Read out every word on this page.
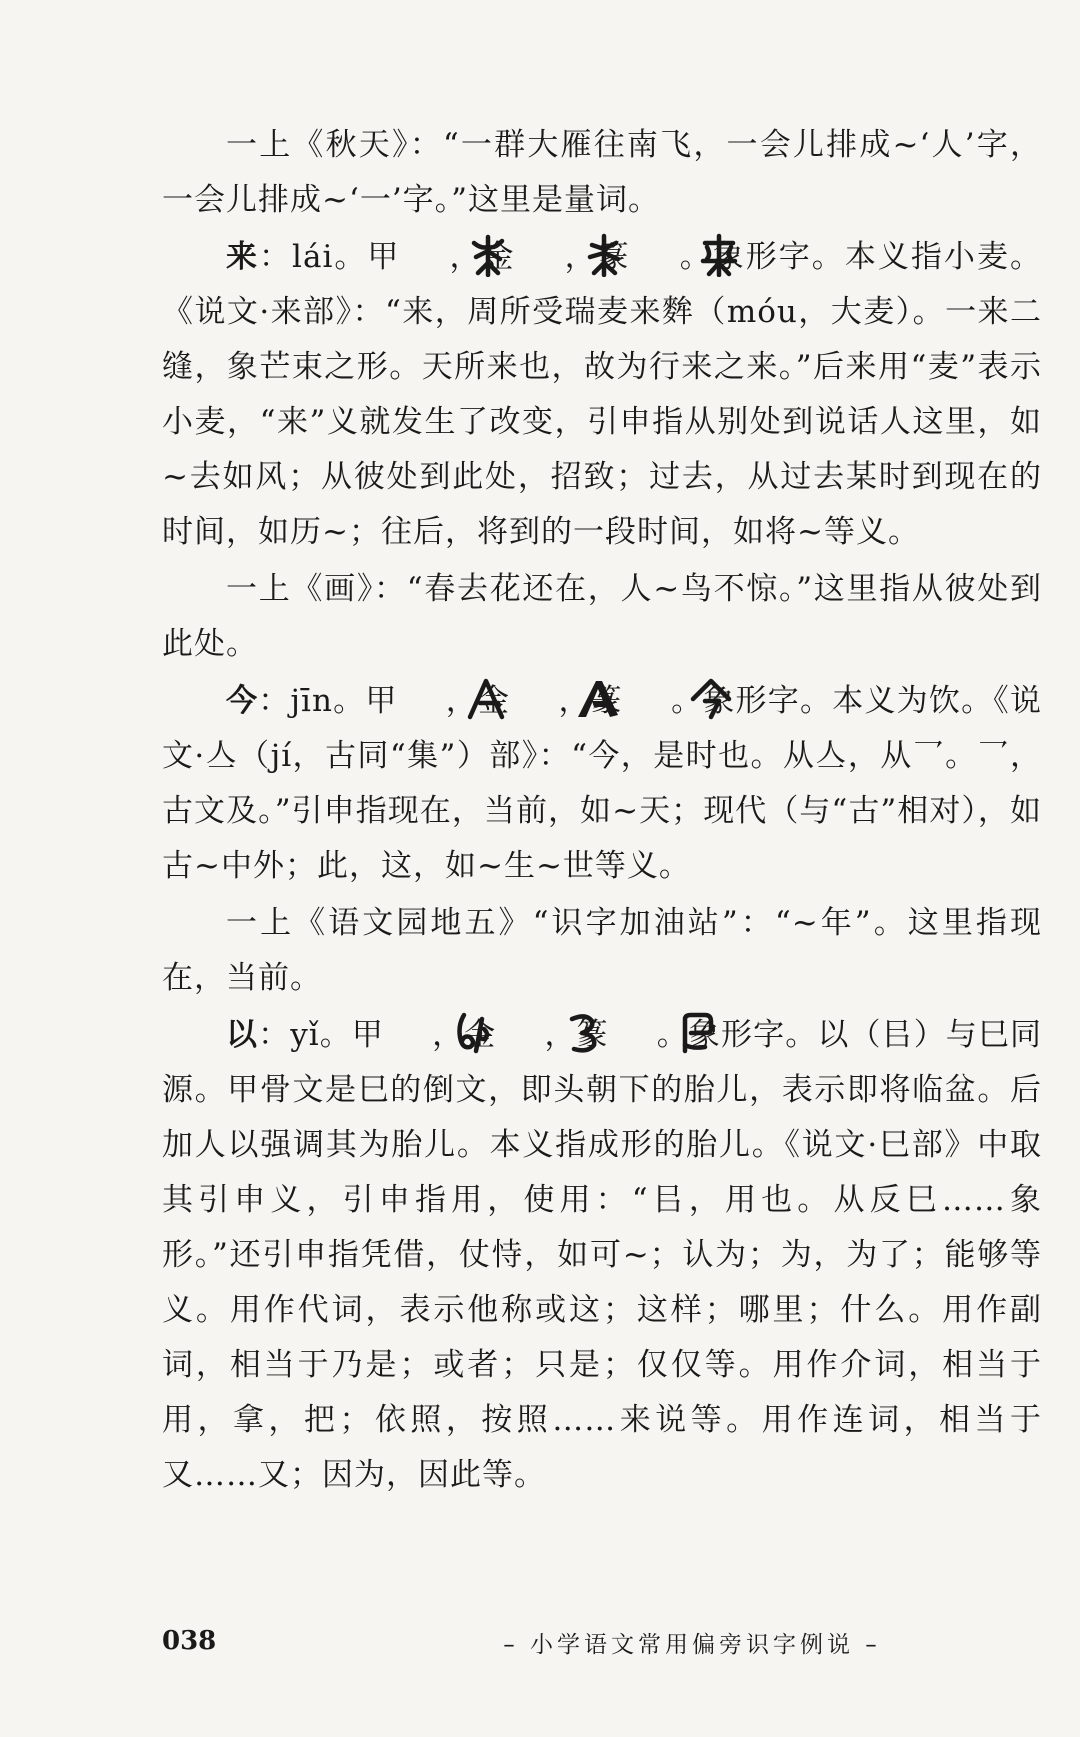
一上《秋天》：“一群大雁往南飞，一会儿排成~‘人’字，一会儿排成~‘一’字。”这里是量词。

来：lái。甲 ，金 ，篆 。象形字。本义指小麦。《说文·来部》：“来，周所受瑞麦来麰（móu，大麦）。一来二缝，象芒束之形。天所来也，故为行来之来。”后来用“麦”表示小麦，“来”义就发生了改变，引申指从别处到说话人这里，如~去如风；从彼处到此处，招致；过去，从过去某时到现在的时间，如历~；往后，将到的一段时间，如将~等义。

一上《画》：“春去花还在，人~鸟不惊。”这里指从彼处到此处。

今：jīn。甲 ，金 ，篆 。象形字。本义为饮。《说文·亼（jí，古同“集”）部》：“今，是时也。从亼，从乛。乛，古文及。”引申指现在，当前，如~天；现代（与“古”相对），如古~中外；此，这，如~生~世等义。

一上《语文园地五》“识字加油站”：“~年”。这里指现在，当前。

以：yǐ。甲 ，金 ，篆 。象形字。以（㠯）与巳同源。甲骨文是巳的倒文，即头朝下的胎儿，表示即将临盆。后加人以强调其为胎儿。本义指成形的胎儿。《说文·巳部》中取其引申义，引申指用，使用：“㠯，用也。从反巳……象形。”还引申指凭借，仗恃，如可~；认为；为，为了；能够等义。用作代词，表示他称或这；这样；哪里；什么。用作副词，相当于乃是；或者；只是；仅仅等。用作介词，相当于用，拿，把；依照，按照……来说等。用作连词，相当于又……又；因为，因此等。

038	– 小学语文常用偏旁识字例说 –
